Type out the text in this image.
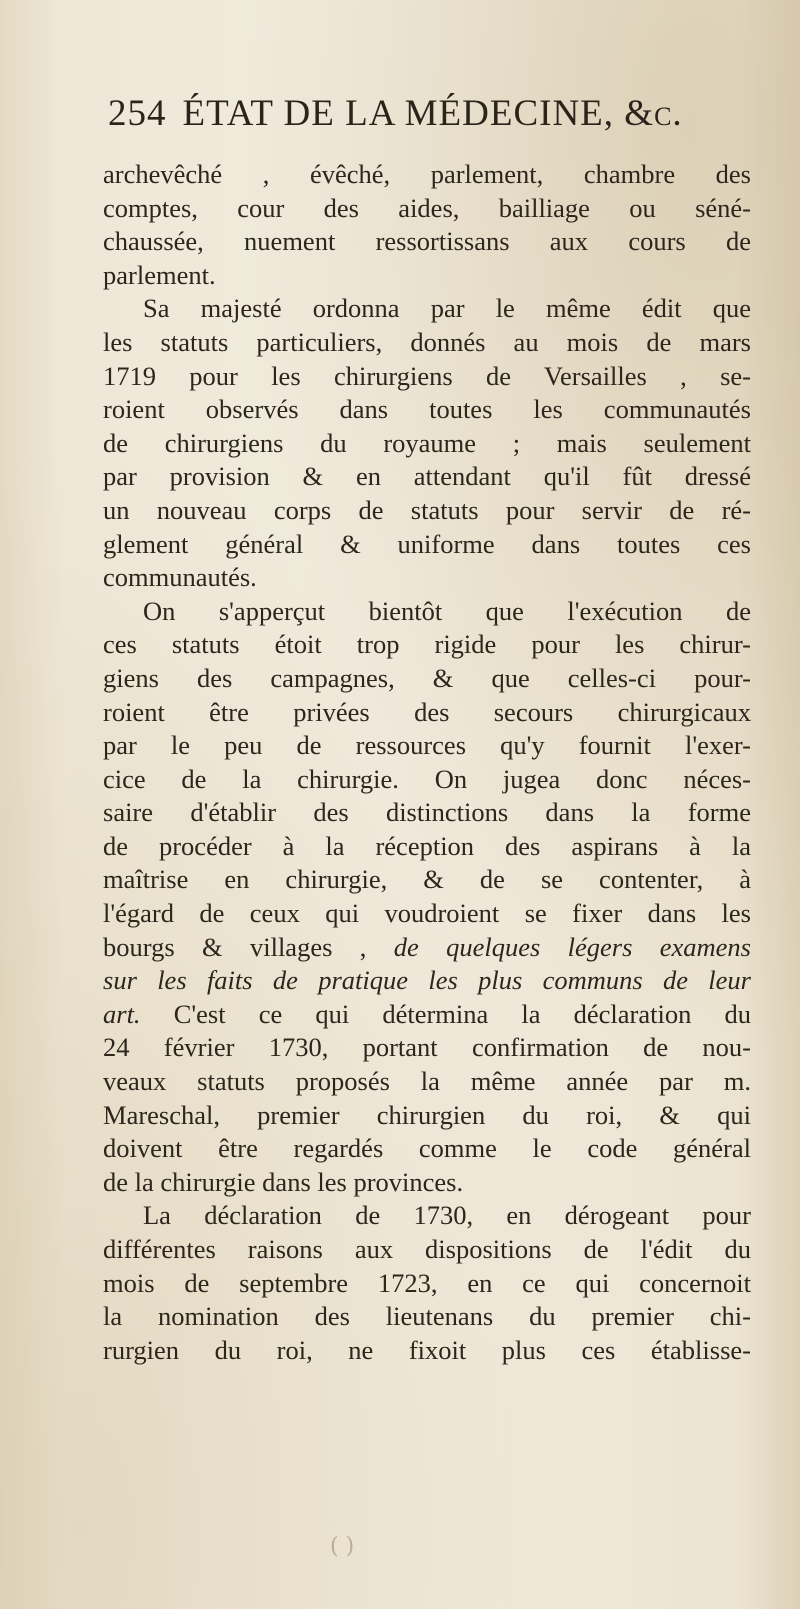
254 ÉTAT DE LA MÉDECINE, &c.
archevêché , évêché, parlement, chambre des
comptes, cour des aides, bailliage ou séné-
chaussée, nuement ressortissans aux cours de
parlement.
Sa majesté ordonna par le même édit que
les statuts particuliers, donnés au mois de mars
1719 pour les chirurgiens de Versailles , se-
roient observés dans toutes les communautés
de chirurgiens du royaume ; mais seulement
par provision & en attendant qu'il fût dressé
un nouveau corps de statuts pour servir de ré-
glement général & uniforme dans toutes ces
communautés.
On s'apperçut bientôt que l'exécution de
ces statuts étoit trop rigide pour les chirur-
giens des campagnes, & que celles-ci pour-
roient être privées des secours chirurgicaux
par le peu de ressources qu'y fournit l'exer-
cice de la chirurgie. On jugea donc néces-
saire d'établir des distinctions dans la forme
de procéder à la réception des aspirans à la
maîtrise en chirurgie, & de se contenter, à
l'égard de ceux qui voudroient se fixer dans les
bourgs & villages , de quelques légers examens
sur les faits de pratique les plus communs de leur
art. C'est ce qui détermina la déclaration du
24 février 1730, portant confirmation de nou-
veaux statuts proposés la même année par m.
Mareschal, premier chirurgien du roi, & qui
doivent être regardés comme le code général
de la chirurgie dans les provinces.
La déclaration de 1730, en dérogeant pour
différentes raisons aux dispositions de l'édit du
mois de septembre 1723, en ce qui concernoit
la nomination des lieutenans du premier chi-
rurgien du roi, ne fixoit plus ces établisse-
( )
